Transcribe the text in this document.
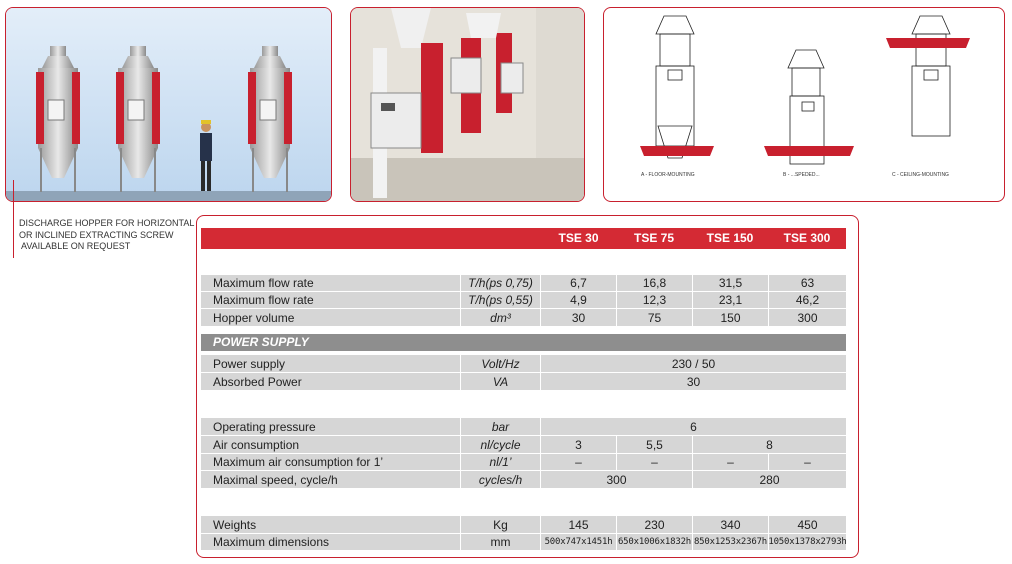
A - FLOOR-MOUNTING	B - ...SPEDED...	C - CEILING-MOUNTING
DISCHARGE HOPPER FOR HORIZONTAL
OR INCLINED EXTRACTING SCREW
AVAILABLE ON REQUEST
TSE 30	TSE 75	TSE 150	TSE 300
Maximum flow rate	T/h(ps 0,75)	6,7	16,8	31,5	63
Maximum flow rate	T/h(ps 0,55)	4,9	12,3	23,1	46,2
Hopper volume	dm³	30	75	150	300
POWER SUPPLY
Power supply	Volt/Hz	230 / 50
Absorbed Power	VA	30
Operating pressure	bar	6
Air consumption	nl/cycle	3	5,5	8
Maximum air consumption for 1’	nl/1’	–	–	–	–
Maximal speed, cycle/h	cycles/h	300	280
Weights	Kg	145	230	340	450
Maximum dimensions	mm	500x747x1451h 650x1006x1832h 850x1253x2367h 1050x1378x2793h
